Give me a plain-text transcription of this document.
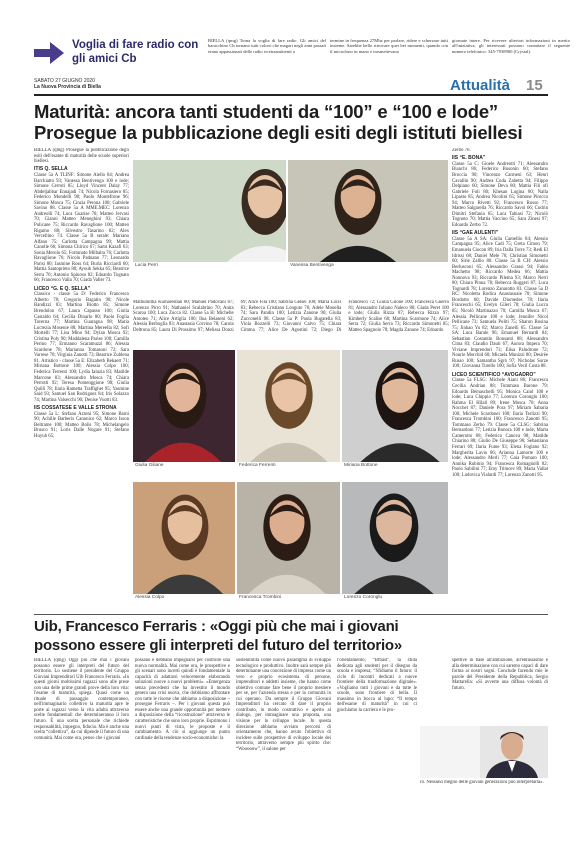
Voglia di fare radio con gli amici Cb
BIELLA (qmg) Torna la voglia di fare radio. Gli amici del baracchino Cb tornano tutti coloro che magari negli anni passati erano appassionati delle radio ricetrasmittenti a
termine in frequenza 27Mhz per parlare, ridere e scherzare tutti insieme. Sarebbe bello ritrovare quei bei momenti, quando con il microfono in mano e trasmettevano
giornate intere. Per ricevere ulteriori informazioni in merito all'iniziativa, gli interessati possono contattare il seguente numero telefonico: 345-7938900 (Crystal).
SABATO 27 GIUGNO 2020
La Nuova Provincia di Biella	Attualità 15
Maturità: ancora tanti studenti da “100” e “100 e lode”
Prosegue la pubblicazione degli esiti degli istituti biellesi

BIELLA (qmg) Prosegue la pubblicazione degli esiti dell'esame di maturità delle scuole superiori biellesi.

ITIS Q. SELLA

Classe 5a A TLINF: Simone Aiello 84; Andrea Barchiatto 93; Vanessa Bentivenga 100 e lode; Simone Cerruti 85; Lloyd Vincent Dalay 77; Abdeljabbar Ennajadi 74; Nicola Fornasiero 85; Federico Mondelli 98; Paolo Montefrone 96; Simone Mosca 75; Cinzia Perona 100; Gabriele Savino 88. Classe 5a A MME.MEC: Lorenzo Andreolli 74; Luca Guarise 78; Matteo Jervasi 70; Gianni Matteo Meneghini 93; Chiara Pulicane 75; Riccardo Ravaglione 100; Matteo Rigamo 88; Silvestro Tasarino 82; Alex Vercellino 74. Classe 5a B serale: Mariano Alfano 75; Carlotta Campagna 99; Mattia Canolle 66; Simona Chirico 67; Sami Kazafi 63; Sonia Merolo 65; Fortunato Milbalta 76; Carlotta Ravaglione 76; Nicolo Paduano 77; Leonardo Parisi 80; Jasmine Ross 64; Burla Ricciardi 60; Mattia Santoprieto 80; Ayoub Sekka 65; Beatrice Serra 70; Antonio Spinoso 82; Edoardo Tognato 66; Francesco Valla 70; Giada Valler 73.

LICEO “G. E Q. SELLA”

Classico - classe 5a D: Federico Francesco Alberto 78; Gregorio Bagatin 90; Nicole Bandizzi 83; Martina Biotto 85; Simone Brendolon 67; Laura Capasso 100; Giulia Castaldo 64; Cecilia Dinarlo 80; Paolo Foglia Taverna 77; Martina Guaragna 98; Maria Lucrezia Mosenie 88; Martina Mereella 82; Sofi Mortelli 77; Lisa Mino 94; Dylan Mosca 92; Cristina Poly 90; Maddalena Parise 100; Camilla Perino 77; Ermanno Scaramuzzi 86; Alessia Scardone 78; Marianna Tomasoni 72; Sara Varrese 70; Virginia Zanotti 73; Beatrice Zublena 81. Artistico - classe 5a E: Elizabeth Bekaert 71; Miriana Bottone 100; Alessia Colpo 100; Federica Terrenti 100; Lydia Ialuzia 83; Matilde Marcone 83; Alessandro Mosca 74; Chiara Perrotti 92; Teresa Pomenggione 98; Giulia Quilli 78; Ilaria Rametta Traffighet 95; Yasmine Said 93; Samuel San Rodriguez 84; Iris Solazzo 74; Martina Valsecchi 90; Denise Vuotti 83.

IIS COSSATESE E VALLE STRONA

Classe 5a L: Stefano Arzeni 95; Simone Barni 90; Achille Barberis Canonico 62; Marco Isson Beltrame 100; Matteo Bolis 78; Michelangelo Brusco 91; Loris Dalle Nogare 91; Stefano Huyuh 65;

Zerbo 76.

IIS “E. BONA”

Classe 5a C: Gioele Andreotti 71; Alessandro Bianchi 86; Federico Bosonin 60; Stefano Broccia 90; Vincenzo Carmeni 63; Henri Cavallin 90; Andrea Coda Zabetta 94; Filippo Delpiano 60; Simone Deva 80; Mattia Fili ofi Gabriele Foli 80; Khesan Lugina 80; Nalla Lipasto 85; Andrea Nicolini 65; Simone Pirocco 94; Marco Rivetti 92; Francesco Rosso 77; Matteo Salgarella 76; Riccardo Savoi 66; Codrin Dimitri Stefania 65; Luca Tabiasi 72; Nicolò Tognoto 70; Mattia Vaccino 65; Sara Zinesi 97; Edoardo Zerbo 72.

IIS “GAE AULENTI”

Classe 5a A SA: Giulia Camellio 84; Alessio Campagna 95; Alice Cadi 75; Greta Cimon 79; Emanuela Ciocon 89; Iria Dalla Torre 73; Redi El Idrissi 68; Daniel Mele 76; Christian Simonetti 60; Sirie Zallio 80. Classe 5a B CH: Alessio Berlusconi 65; Alessandro Grassi 94; Fabio Machetto 98; Riccardo Medea 66; Mattia Nonnova 93; Riccardo Pilema 93; Marco Nerri 80; Chiara Pinna 78; Rebecca Ruggeri 87; Luca Tognardi 78; Lorenzo Zanarotto 83. Classe 5a D RC: Nicoletta Rodica Anastasoaie 70; Simone Bordotto 60; Davide Diomedes 78; Ilaria Franceschi 65; Evelyn Gileri 78; Giulia Lucca 85; Nicolò Martinazzo 70; Camilla Mosca 67; Alessia Pellicane 100 e lode; Jennifer Nicol Pellicane 73; Samuela Politi 75; Sharon Rosina 75; Jinhao Yu 82; Marco Zanelli 65. Classe 5a SA: Luca Barale 96; Emanuel Bernardi 84; Sebastian Costantin Bonsanti 88; Alessandro Cima 83; Claudio Dauti 67; Aurora Impera 70; Viviane Imprendori 73; Elisa Paludrone 72; Nourie Morchid 60; Micaela Munizzi 80; Desirèe Russo 100; Samantha Sgrò 97; Nicholas Sorze 100; Giovanna Turello 100; Sofia Vecil Costa 88.

LICEO SCIENTIFICO “AVOGADRO”

Classe 5a FLSG: Michele Aiani 86; Francesca Cecilia Andrian 88; Tommaso Barone 79; Edoardo Bemaschelli 95; Monica Caiol 100 e lode; Luca Chippio 77; Lorenzo Coronglu 100; Rahma El Hilali 89; Irene Mosca 70; Anna Nocchet 87; Daniele Pora 97; Miriam Sabaria 100; Michele Scardonei 100; Ilaria Terlizzi 90; Francesca Trombini 100; Francesco Zanotti 95; Tommaso Zerbo 79. Classe 5a CLSG: Sabrina Bernardoni 77; Letizia Bonora 100 e lode; Marta Camerotto 88; Federico Canova 98; Matilde Chiarino 88; Giulio De Giuseppe 96; Sebastiano Ferrari 69; Ilaria Fume 93; Elena Foglano 92; Margherita Lavio 86; Arianna Lamorte 100 e lode; Alessandro Merli 77; Gaia Pomaro 100; Annika Rubinio 94; Francesca Romagnolli 82; Paolo Sabilini 77; Emy Trimcev 89; Maria Vallat 100; Ludovica Vialardi 77; Lorenzo Zanotti 95.

Lucia Perri	Vanessa Bentivenga
Giulia Giliane	Federica Ferrenti	Miriana Bottone
Alessia Colpo	Francesca Trombini	Lorenzo Coronglu
Mathumitha Kumaresban 80; Manuel Padovani 87; Lorenzo Pirro 91; Nathaniel Scalabrino 70; Anita Scaroa 100; Luca Zucca 82. Classe 5a H: Michelle Amoteo 71; Alice Artiglia 100; Ilua Belaseni 62; Alessia Berboglia 83; Anastasia Corvino 78; Carola Deltrona 85; Laura Di Prossimo 97; Melissa Donzi 69; Alice Fila 100; Sabrina Gelsei 100; Maria Locis 83; Rebecca Cristiano Longuto 76; Adele Monella 74; Sara Pandin 100; Letizia Zanone 90; Giulia Zucconelli 98. Classe 5a P: Paola Bugatella 83; Viola Bozzelli 73; Giovanni Calvo 75; Chiara Cimma 77; Alice De Agostini 72; Diego Di Francesco 72; Giulia Gilone 100; Francesca Gnerro 81; Alessandro Iuliano Naleco 80; Giada Peret 100 e lode; Giulia Rizza 87; Rebecca Rizzo 97; Kimberly Scalise 68; Martina Scarmone 74; Alice Serra 72; Giulia Serra 73; Riccardo Simonetti 85; Matteo Spagnolo 78; Magda Zanone 74; Edoardo
Uib, Francesco Ferraris : «Oggi più che mai i giovani
possono essere gli interpreti del futuro del territorio»
BIELLA (qmg) Oggi più che mai i giovani possono essere gli interpreti del futuro del territorio. Lo sostiene il presidente del Gruppo Giovani Imprenditori Uib Francesco Ferraris. «In questi giorni moltissimi ragazzi sono alle prese con una delle prime grandi prove della loro vita: l'esame di maturità, spiega. Quasi come un rituale di passaggio contemporaneo, nell'immaginario collettivo la maturità apre le porte ai ragazzi verso la vita adulta attraverso scelte fondamentali che determineranno il loro futuro. È una scelta personale che richiede responsabilità, impegno, fiducia. Ma è anche una scelta “collettiva”, da cui dipende il futuro di una comunità. Mai come ora, penso che i giovani
possano e debbano impegnarsi per costruire una nuova normalità. Mai come ora, le prospettive e gli scenari sono incerti quindi è fondamentale la capacità di adattarsi velocemente elaborando soluzioni nuove a nuovi problemi». «Emergenza senza precedenti che ha investito il mondo genera una crisi nuova, che dobbiamo affrontare con tutte le risorse che abbiamo a disposizione – prosegue Ferraris –. Per i giovani questa può essere anche una grande opportunità per mettere a disposizione della “ricostruzione” attraverso le caratteristiche che sono loro proprie. Esprimono i nuovi punti di vista, le proposte e il cambiamento. A ciò si aggiunge un punto cardinale della tendenze socio-economiche: la
sostenibilità come nuovo paradigma di sviluppo tecnologico e produttivo. Inoltre sarà sempre più determinante una concezione di impresa come un vero e proprio ecosistema di persone, imprenditori e addetti insieme, che hanno come obiettivo comune fare bene il proprio mestiere per se, per l'azienda stessa e per la comunità in cui operano. Da sempre il Gruppo Giovani Imprenditori ha cercato di dare il proprio contributo, in modo costruttivo e aperto al dialogo, per immaginare una proposta, una visione per lo sviluppo locale. In questa direzione abbiamo avviato percorsi di orientamento che, hanno avuto l'obiettivo di incidere sulle prospettive di sviluppo locale dei territorio, attraverso sempre più spirito che: “Wooooow”, il salone per
l'orientamento; “Bfbast”, la sfida dedicata agli studenti per il disegno da scuola e impresa; “Sfidiamo il futuro: il ciclo di incontri dedicati a nuove frontiere della trasformazione digitale». «Vogliamo tutti i giovani e da tutte le scuole, sono frontiere di bella. Il massimo in bocca al lupo: “Il tempo dell'esame di maturità” in cui ci giochiamo la carriera e le pro-
spettive in base all'ambizione, all'entusiasmo e alla determinazione con cui saremo capaci di dare forma ai nostri sogni. Conclude facendo mie le parole del Presidente della Repubblica, Sergio Mattarella: «Si avverte una diffusa volontà di futuro.
ro. Nessuno meglio delle giovani generazioni può interpretarla».
